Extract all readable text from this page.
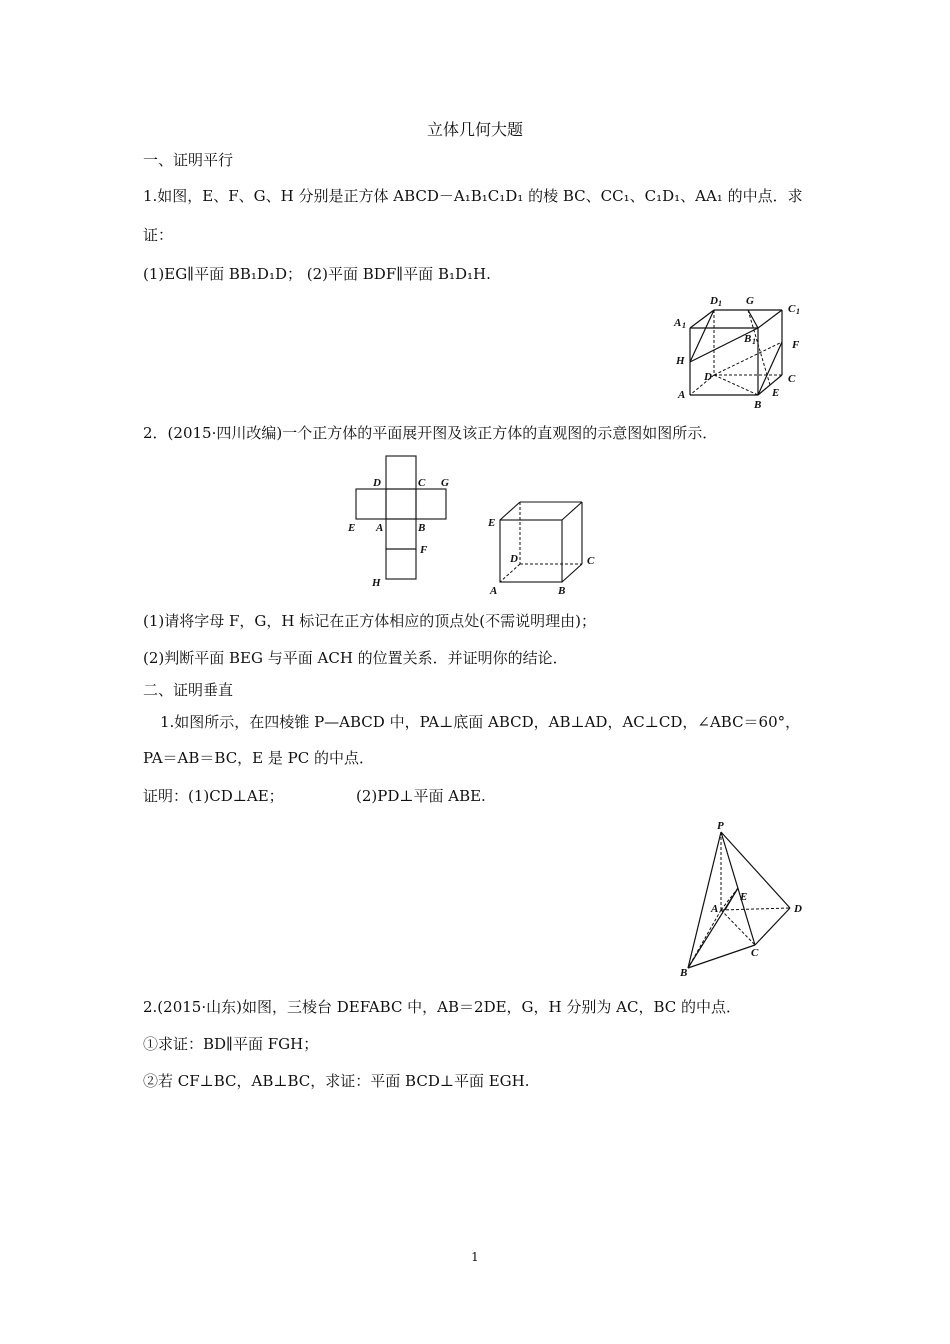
立体几何大题
一、证明平行
1.如图，E、F、G、H 分别是正方体 ABCD－A₁B₁C₁D₁ 的棱 BC、CC₁、C₁D₁、AA₁ 的中点．求
证：
(1)EG∥平面 BB₁D₁D； (2)平面 BDF∥平面 B₁D₁H.
D 1 G
C 1
A 1
B 1
H
F
D	C
A
B
E
2．(2015·四川改编)一个正方体的平面展开图及该正方体的直观图的示意图如图所示．
D	C G
E A	B
F
H
E
D	C
A	B
(1)请将字母 F，G，H 标记在正方体相应的顶点处(不需说明理由)；
(2)判断平面 BEG 与平面 ACH 的位置关系．并证明你的结论．
二、证明垂直
1.如图所示，在四棱锥 P—ABCD 中，PA⊥底面 ABCD，AB⊥AD，AC⊥CD，∠ABC＝60°，
PA＝AB＝BC，E 是 PC 的中点．
证明：(1)CD⊥AE；	(2)PD⊥平面 ABE.
P
E
A	D
C
B
2.(2015·山东)如图，三棱台 DEFABC 中，AB＝2DE，G，H 分别为 AC，BC 的中点．
①求证：BD∥平面 FGH；
②若 CF⊥BC，AB⊥BC，求证：平面 BCD⊥平面 EGH.
1
